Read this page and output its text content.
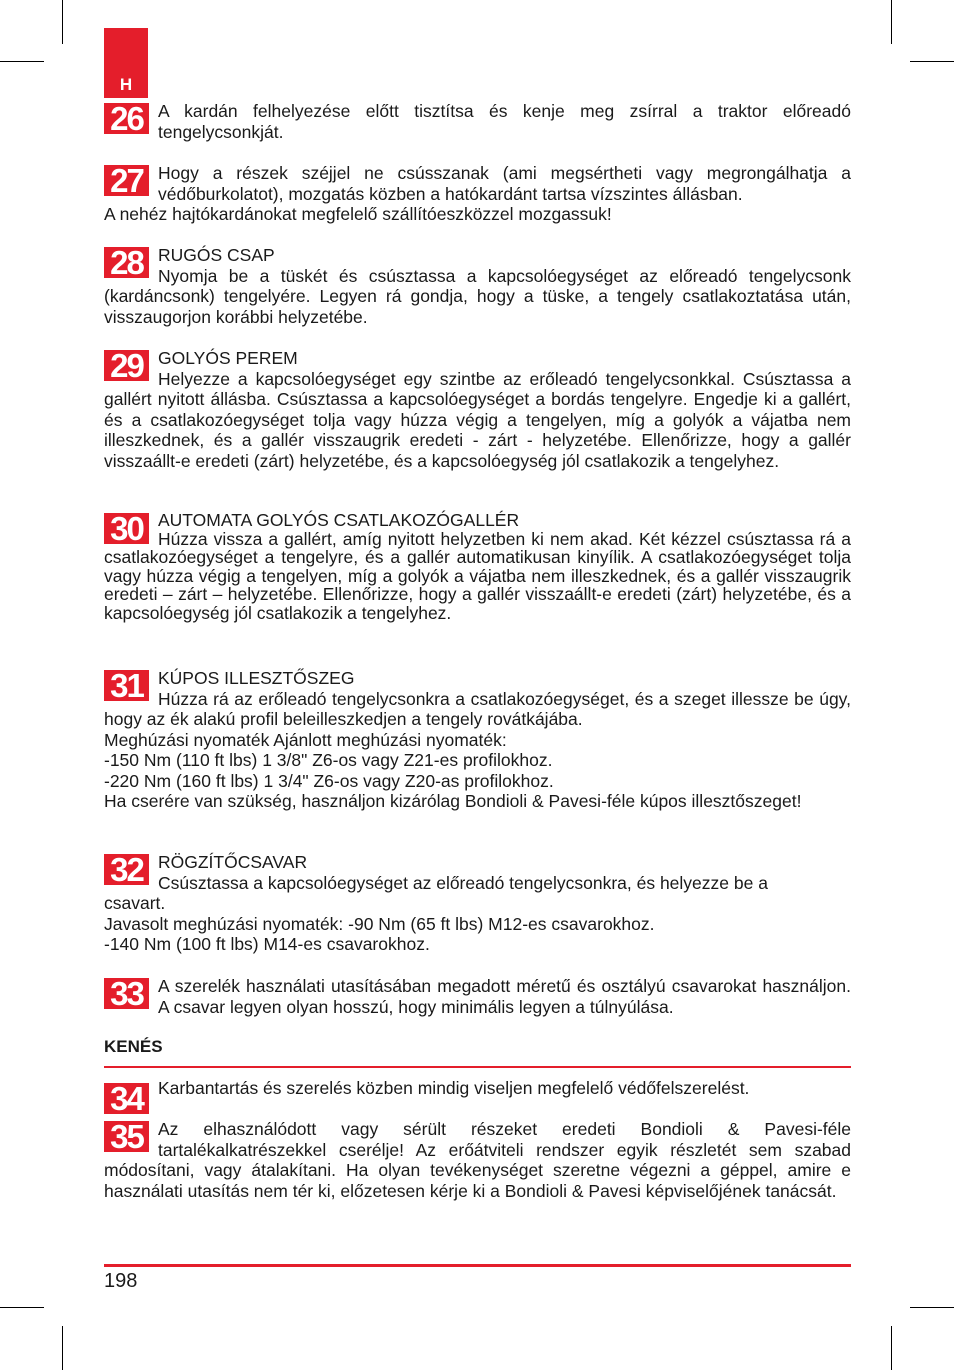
H
26 A kardán felhelyezése előtt tisztítsa és kenje meg zsírral a traktor előreadó tengelycsonkját.
27 Hogy a részek széjjel ne csússzanak (ami megsértheti vagy megrongálhatja a védőburkolatot), mozgatás közben a hatókardánt tartsa vízszintes állásban.
A nehéz hajtókardánokat megfelelő szállítóeszközzel mozgassuk!
28 RUGÓS CSAP
Nyomja be a tüskét és csúsztassa a kapcsolóegységet az előreadó tengelycsonk (kardáncsonk) tengelyére. Legyen rá gondja, hogy a tüske, a tengely csatlakoztatása után, visszaugorjon korábbi helyzetébe.
29 GOLYÓS PEREM
Helyezze a kapcsolóegységet egy szintbe az erőleadó tengelycsonkkal. Csúsztassa a gallért nyitott állásba. Csúsztassa a kapcsolóegységet a bordás tengelyre. Engedje ki a gallért, és a csatlakozóegységet tolja vagy húzza végig a tengelyen, míg a golyók a vájatba nem illeszkednek, és a gallér visszaugrik eredeti - zárt - helyzetébe. Ellenőrizze, hogy a gallér visszaállt-e eredeti (zárt) helyzetébe, és a kapcsolóegység jól csatlakozik a tengelyhez.
30 AUTOMATA GOLYÓS CSATLAKOZÓGALLÉR
Húzza vissza a gallért, amíg nyitott helyzetben ki nem akad. Két kézzel csúsztassa rá a csatlakozóegységet a tengelyre, és a gallér automatikusan kinyílik. A csatlakozóegységet tolja vagy húzza végig a tengelyen, míg a golyók a vájatba nem illeszkednek, és a gallér visszaugrik eredeti – zárt – helyzetébe. Ellenőrizze, hogy a gallér visszaállt-e eredeti (zárt) helyzetébe, és a kapcsolóegység jól csatlakozik a tengelyhez.
31 KÚPOS ILLESZTŐSZEG
Húzza rá az erőleadó tengelycsonkra a csatlakozóegységet, és a szeget illessze be úgy, hogy az ék alakú profil beleilleszkedjen a tengely rovátkájába.
Meghúzási nyomaték Ajánlott meghúzási nyomaték:
-150 Nm (110 ft lbs) 1 3/8" Z6-os vagy Z21-es profilokhoz.
-220 Nm (160 ft lbs) 1 3/4" Z6-os vagy Z20-as profilokhoz.
Ha cserére van szükség, használjon kizárólag Bondioli & Pavesi-féle kúpos illesztőszeget!
32 RÖGZÍTŐCSAVAR
Csúsztassa a kapcsolóegységet az előreadó tengelycsonkra, és helyezze be a csavart.
Javasolt meghúzási nyomaték: -90 Nm (65 ft lbs) M12-es csavarokhoz.
-140 Nm (100 ft lbs) M14-es csavarokhoz.
33 A szerelék használati utasításában megadott méretű és osztályú csavarokat használjon. A csavar legyen olyan hosszú, hogy minimális legyen a túlnyúlása.
KENÉS
34 Karbantartás és szerelés közben mindig viseljen megfelelő védőfelszerelést.
35 Az elhasználódott vagy sérült részeket eredeti Bondioli & Pavesi-féle tartalékalkatrészekkel cserélje! Az erőátviteli rendszer egyik részletét sem szabad módosítani, vagy átalakítani. Ha olyan tevékenységet szeretne végezni a géppel, amire e használati utasítás nem tér ki, előzetesen kérje ki a Bondioli & Pavesi képviselőjének tanácsát.
198
